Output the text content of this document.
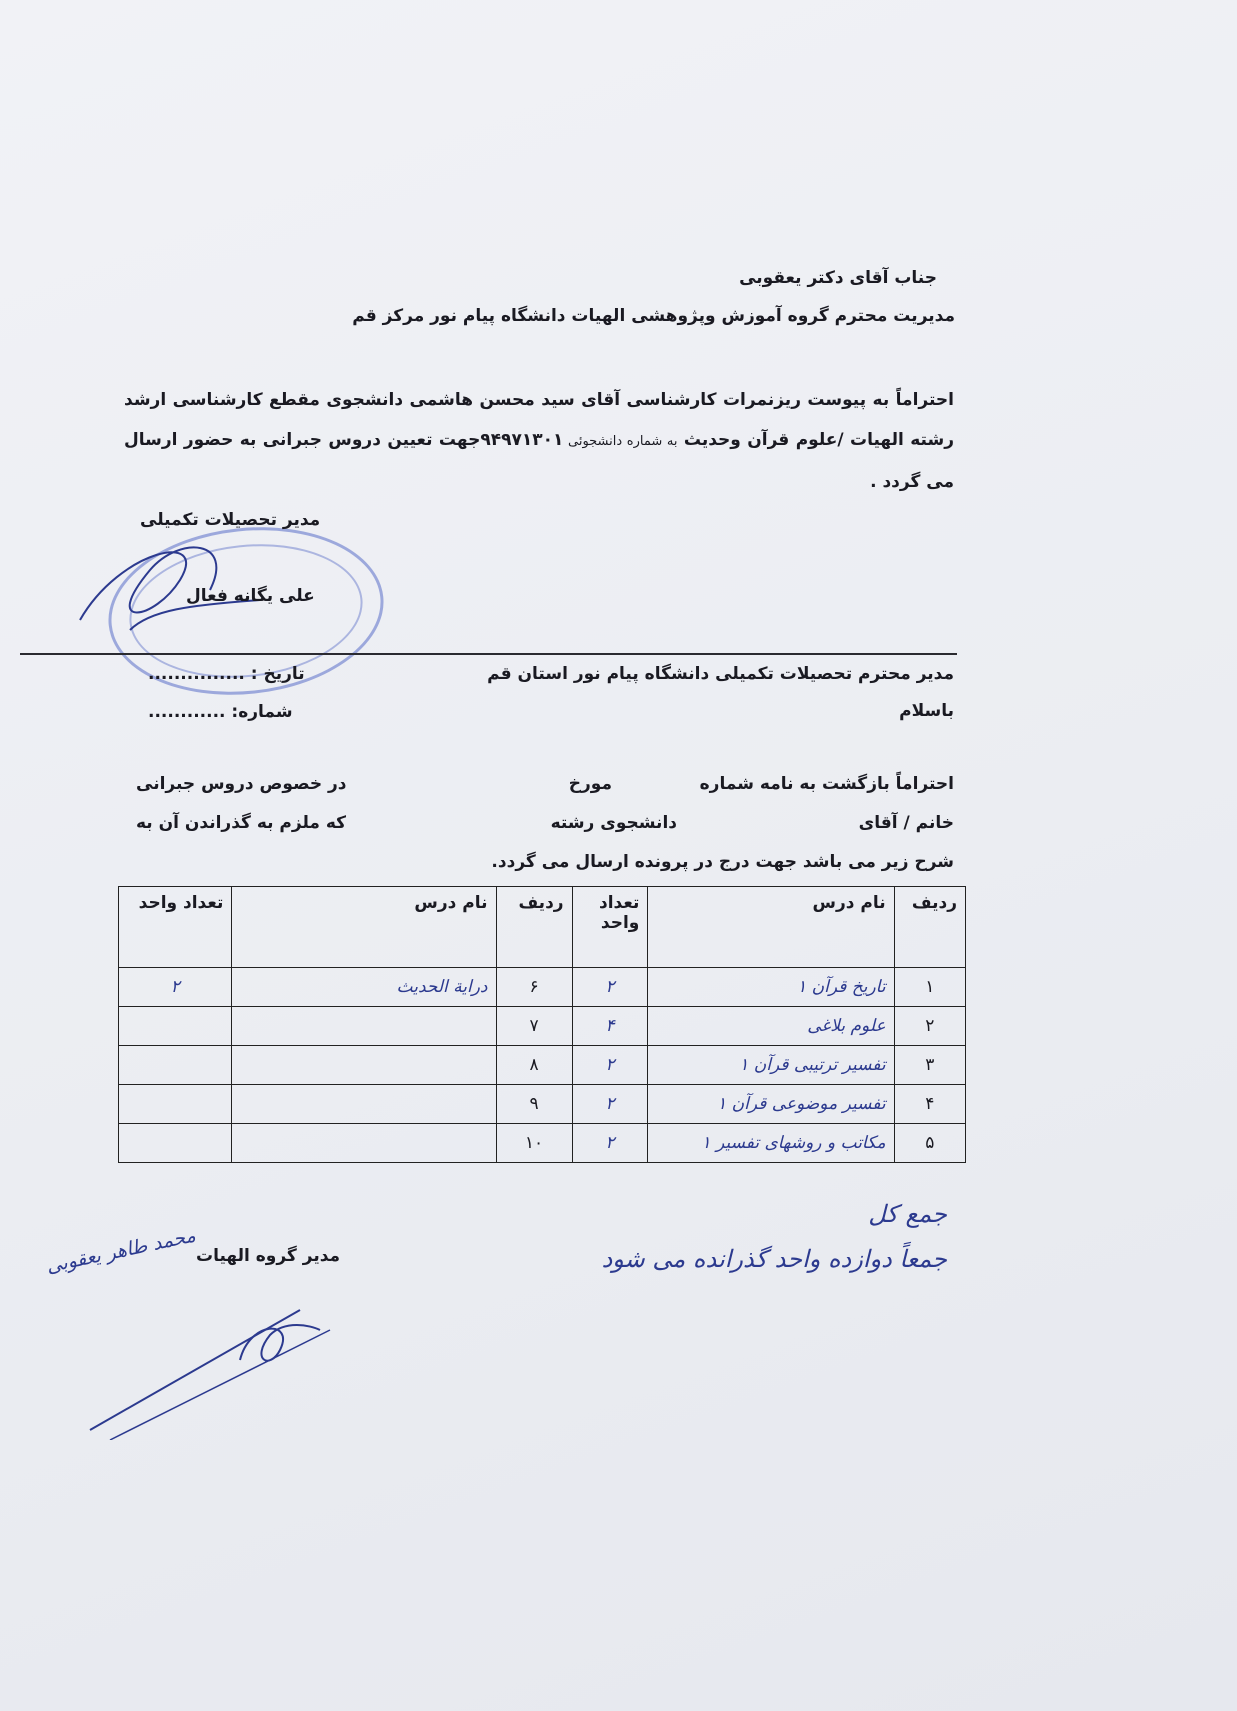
جناب آقای دکتر یعقوبی
مدیریت محترم گروه آموزش وپژوهشی الهیات دانشگاه پیام نور مرکز قم
احتراماً به پیوست ریزنمرات کارشناسی آقای سید محسن هاشمی دانشجوی مقطع کارشناسی ارشد رشته الهیات /علوم قرآن وحدیث به شماره دانشجوئی ۹۴۹۷۱۳۰۱جهت تعیین دروس جبرانی به حضور ارسال می گردد .
مدیر تحصیلات تکمیلی
علی یگانه فعال
تاریخ : ...............
شماره: ............
مدیر محترم تحصیلات تکمیلی دانشگاه پیام نور استان قم
باسلام
احتراماً بازگشت به نامه شماره
مورخ
در خصوص دروس جبرانی
خانم / آقای
دانشجوی رشته
که ملزم به گذراندن آن به
شرح زیر می باشد جهت درج در پرونده ارسال می گردد.
ردیف	نام درس	تعداد واحد	ردیف	نام درس	تعداد واحد
۱	تاریخ قرآن ۱	۲	۶	درایة الحدیث	۲
۲	علوم بلاغی	۴	۷		
۳	تفسیر ترتیبی قرآن ۱	۲	۸		
۴	تفسیر موضوعی قرآن ۱	۲	۹		
۵	مکاتب و روشهای تفسیر ۱	۲	۱۰		
جمع کل
جمعاً دوازده واحد گذرانده می شود
مدیر گروه الهیات
محمد طاهر یعقوبی
